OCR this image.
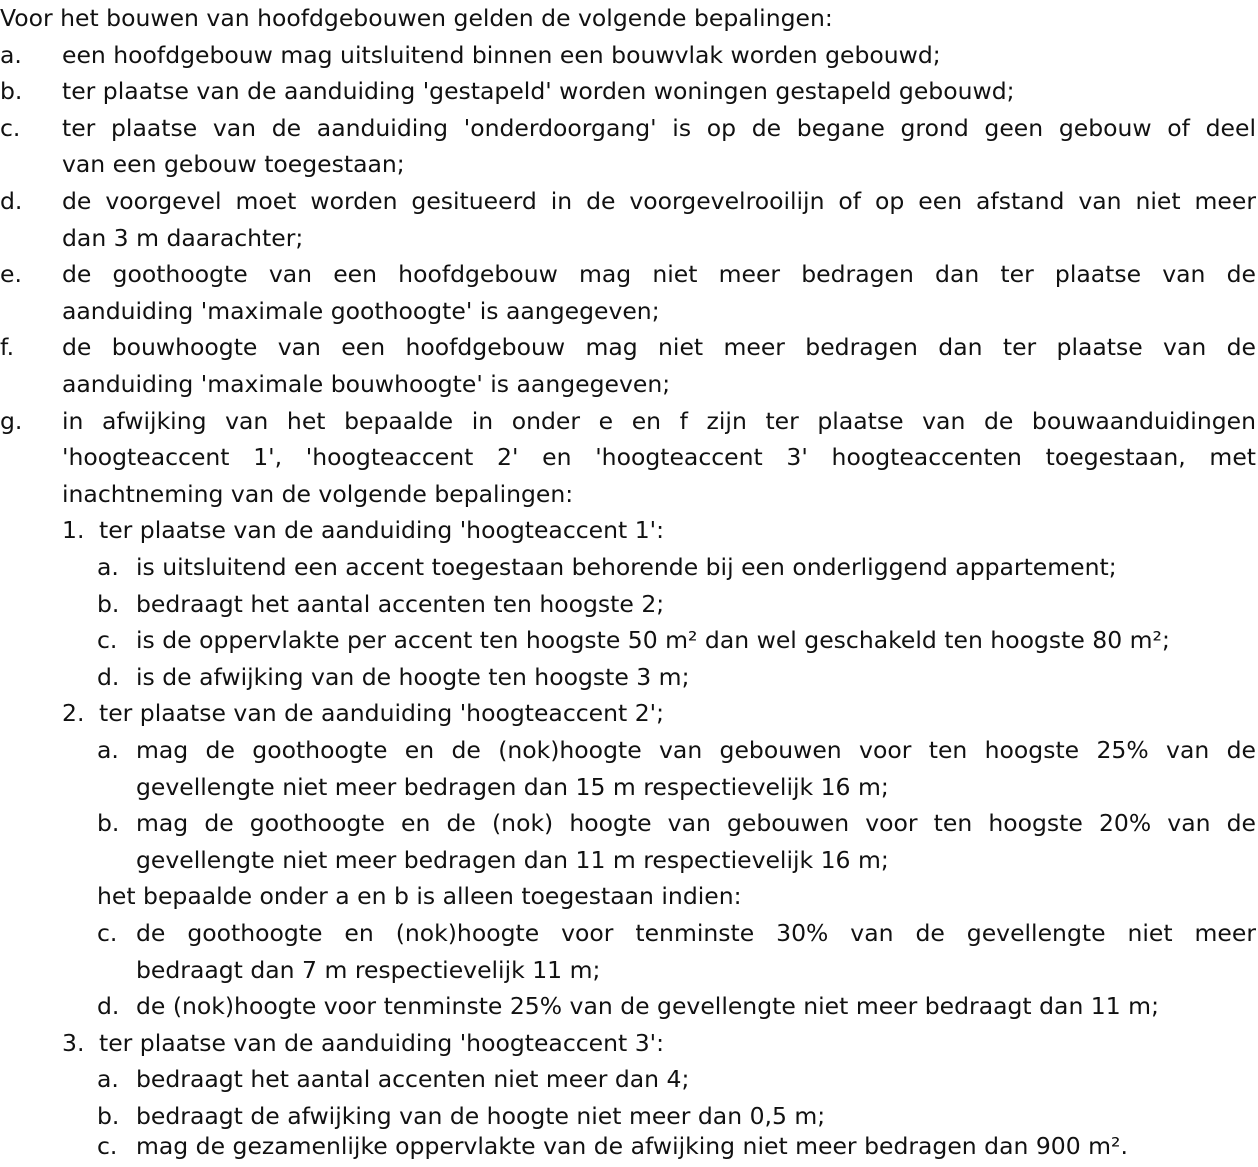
Voor het bouwen van hoofdgebouwen gelden de volgende bepalingen:
a. een hoofdgebouw mag uitsluitend binnen een bouwvlak worden gebouwd;
b. ter plaatse van de aanduiding 'gestapeld' worden woningen gestapeld gebouwd;
c. ter plaatse van de aanduiding 'onderdoorgang' is op de begane grond geen gebouw of deel
van een gebouw toegestaan;
d. de voorgevel moet worden gesitueerd in de voorgevelrooilijn of op een afstand van niet meer
dan 3 m daarachter;
e. de goothoogte van een hoofdgebouw mag niet meer bedragen dan ter plaatse van de
aanduiding 'maximale goothoogte' is aangegeven;
f. de bouwhoogte van een hoofdgebouw mag niet meer bedragen dan ter plaatse van de
aanduiding 'maximale bouwhoogte' is aangegeven;
g. in afwijking van het bepaalde in onder e en f zijn ter plaatse van de bouwaanduidingen
'hoogteaccent 1', 'hoogteaccent 2' en 'hoogteaccent 3' hoogteaccenten toegestaan, met
inachtneming van de volgende bepalingen:
1. ter plaatse van de aanduiding 'hoogteaccent 1':
a. is uitsluitend een accent toegestaan behorende bij een onderliggend appartement;
b. bedraagt het aantal accenten ten hoogste 2;
c. is de oppervlakte per accent ten hoogste 50 m² dan wel geschakeld ten hoogste 80 m²;
d. is de afwijking van de hoogte ten hoogste 3 m;
2. ter plaatse van de aanduiding 'hoogteaccent 2';
a. mag de goothoogte en de (nok)hoogte van gebouwen voor ten hoogste 25% van de
gevellengte niet meer bedragen dan 15 m respectievelijk 16 m;
b. mag de goothoogte en de (nok) hoogte van gebouwen voor ten hoogste 20% van de
gevellengte niet meer bedragen dan 11 m respectievelijk 16 m;
het bepaalde onder a en b is alleen toegestaan indien:
c. de goothoogte en (nok)hoogte voor tenminste 30% van de gevellengte niet meer
bedraagt dan 7 m respectievelijk 11 m;
d. de (nok)hoogte voor tenminste 25% van de gevellengte niet meer bedraagt dan 11 m;
3. ter plaatse van de aanduiding 'hoogteaccent 3':
a. bedraagt het aantal accenten niet meer dan 4;
b. bedraagt de afwijking van de hoogte niet meer dan 0,5 m;
c. mag de gezamenlijke oppervlakte van de afwijking niet meer bedragen dan 900 m².
